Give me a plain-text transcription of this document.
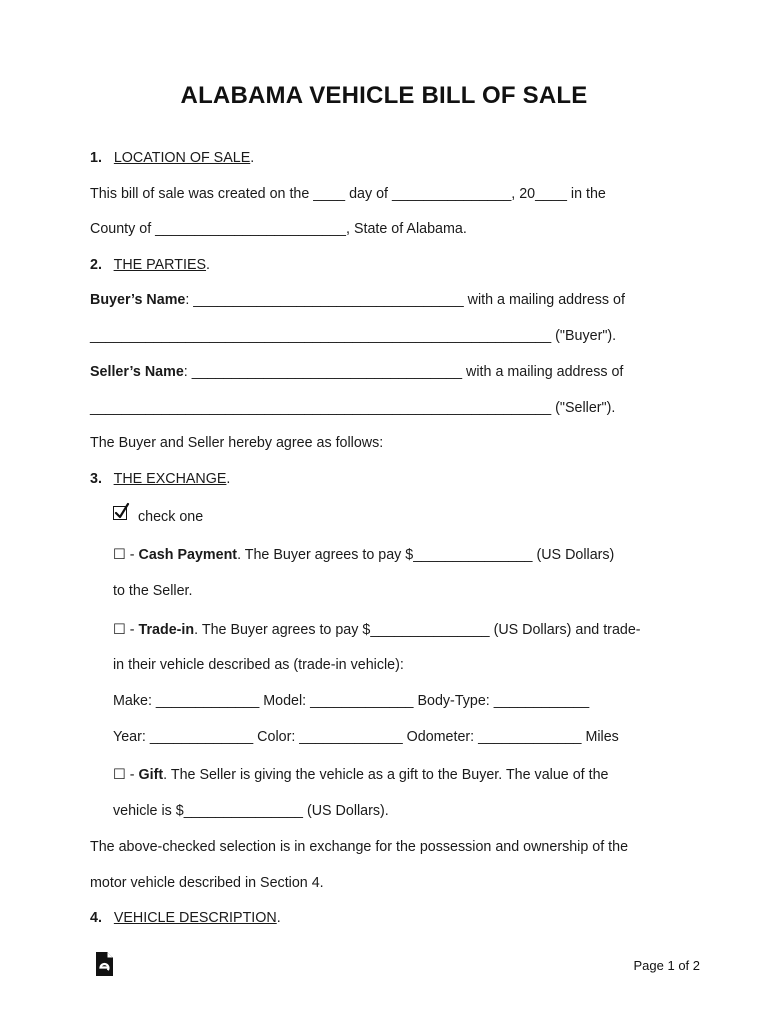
ALABAMA VEHICLE BILL OF SALE
1. LOCATION OF SALE.
This bill of sale was created on the ____ day of _______________, 20____ in the
County of ________________________, State of Alabama.
2. THE PARTIES.
Buyer’s Name: __________________________________ with a mailing address of
__________________________________________________________ ("Buyer").
Seller’s Name: __________________________________ with a mailing address of
__________________________________________________________ ("Seller").
The Buyer and Seller hereby agree as follows:
3. THE EXCHANGE.
check one
☐ - Cash Payment. The Buyer agrees to pay $_______________ (US Dollars)
to the Seller.
☐ - Trade-in. The Buyer agrees to pay $_______________ (US Dollars) and trade-
in their vehicle described as (trade-in vehicle):
Make: _____________ Model: _____________ Body-Type: ____________
Year: _____________ Color: _____________ Odometer: _____________ Miles
☐ - Gift. The Seller is giving the vehicle as a gift to the Buyer. The value of the
vehicle is $_______________ (US Dollars).
The above-checked selection is in exchange for the possession and ownership of the
motor vehicle described in Section 4.
4. VEHICLE DESCRIPTION.
Page 1 of 2
